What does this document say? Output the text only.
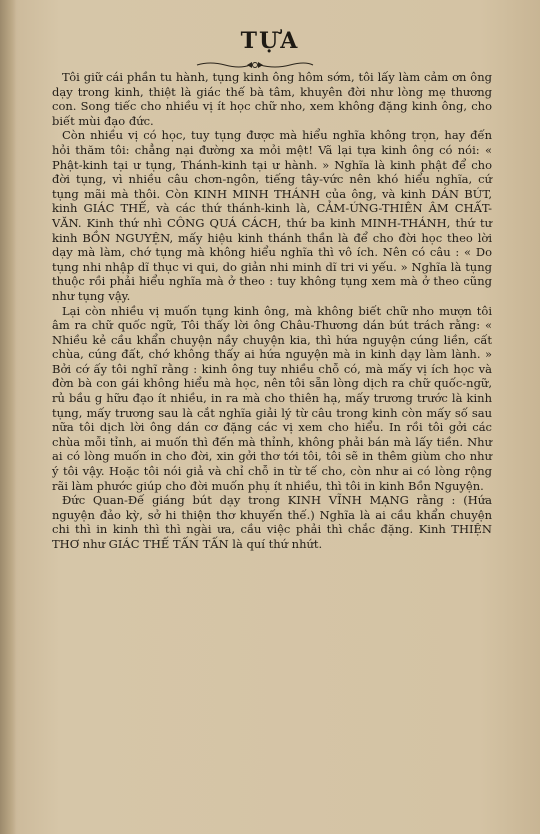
TỰA

Tôi giữ cái phần tu hành, tụng kinh ông hôm sớm, tôi lấy làm cảm ơn ông dạy trong kinh, thiệt là giác thế bà tâm, khuyên đời như lòng mẹ thương con. Song tiếc cho nhiều vị ít học chữ nho, xem không đặng kinh ông, cho biết mùi đạo đức.

Còn nhiều vị có học, tuy tụng được mà hiểu nghĩa không trọn, hay đến hỏi thăm tôi: chẳng nại đường xa mỏi mệt! Vã lại tựa kinh ông có nói: « Phật-kinh tại ư tụng, Thánh-kinh tại ư hành. » Nghĩa là kinh phật để cho đời tụng, vì nhiều câu chơn-ngôn, tiếng tây-vức nên khó hiểu nghĩa, cứ tụng mãi mà thôi. Còn KINH MINH THÁNH của ông, và kinh DÁN BÚT, kinh GIÁC THẾ, và các thứ thánh-kinh là, CẢM-ỨNG-THIÊN ÂM CHẤT-VĂN. Kinh thứ nhì CÔNG QUÁ CÁCH, thứ ba kinh MINH-THÁNH, thứ tư kinh BỒN NGUYỆN, mấy hiệu kinh thánh thần là để cho đời học theo lời dạy mà làm, chớ tụng mà không hiểu nghĩa thì vô ích. Nên có câu : « Do tụng nhi nhập dĩ thục vi qui, do giản nhi minh dĩ tri vi yếu. » Nghĩa là tụng thuộc rồi phải hiểu nghĩa mà ở theo : tuy không tụng xem mà ở theo cũng như tụng vậy.

Lại còn nhiều vị muốn tụng kinh ông, mà không biết chữ nho mượn tôi âm ra chữ quốc ngữ, Tôi thấy lời ông Châu-Thương dán bút trách rằng: « Nhiều kẻ cầu khẩn chuyện nầy chuyện kia, thì hứa nguyện cúng liền, cất chùa, cúng đất, chớ không thấy ai hứa nguyện mà in kinh dạy làm lành. » Bởi cớ ấy tôi nghĩ rằng : kinh ông tuy nhiều chỗ có, mà mấy vị ích học và đờn bà con gái không hiểu mà học, nên tôi sẵn lòng dịch ra chữ quốc-ngữ, rủ bầu g hữu đạo ít nhiều, in ra mà cho thiên hạ, mấy trương trước là kinh tụng, mấy trương sau là cắt nghĩa giải lý từ câu trong kinh còn mấy số sau nữa tôi dịch lời ông dán cơ đặng các vị xem cho hiểu. In rồi tôi gởi các chùa mỗi tỉnh, ai muốn thì đến mà thỉnh, không phải bán mà lấy tiền. Như ai có lòng muốn in cho đời, xin gởi thơ tới tôi, tôi sẽ in thêm giùm cho như ý tôi vậy. Hoặc tôi nói giả và chỉ chỗ in từ tế cho, còn như ai có lòng rộng rãi làm phước giúp cho đời muốn phụ ít nhiều, thì tôi in kinh Bồn Nguyện.

Đức Quan-Đế giáng bút dạy trong KINH VĨNH MẠNG rằng : (Hứa nguyện đảo kỳ, sở hi thiện thơ khuyến thế.) Nghĩa là ai cầu khẩn chuyện chi thì in kinh thì thì ngài ưa, cầu việc phải thì chắc đặng. Kinh THIỆN THƠ như GIÁC THẾ TẤN TẤN là quí thứ nhứt.
